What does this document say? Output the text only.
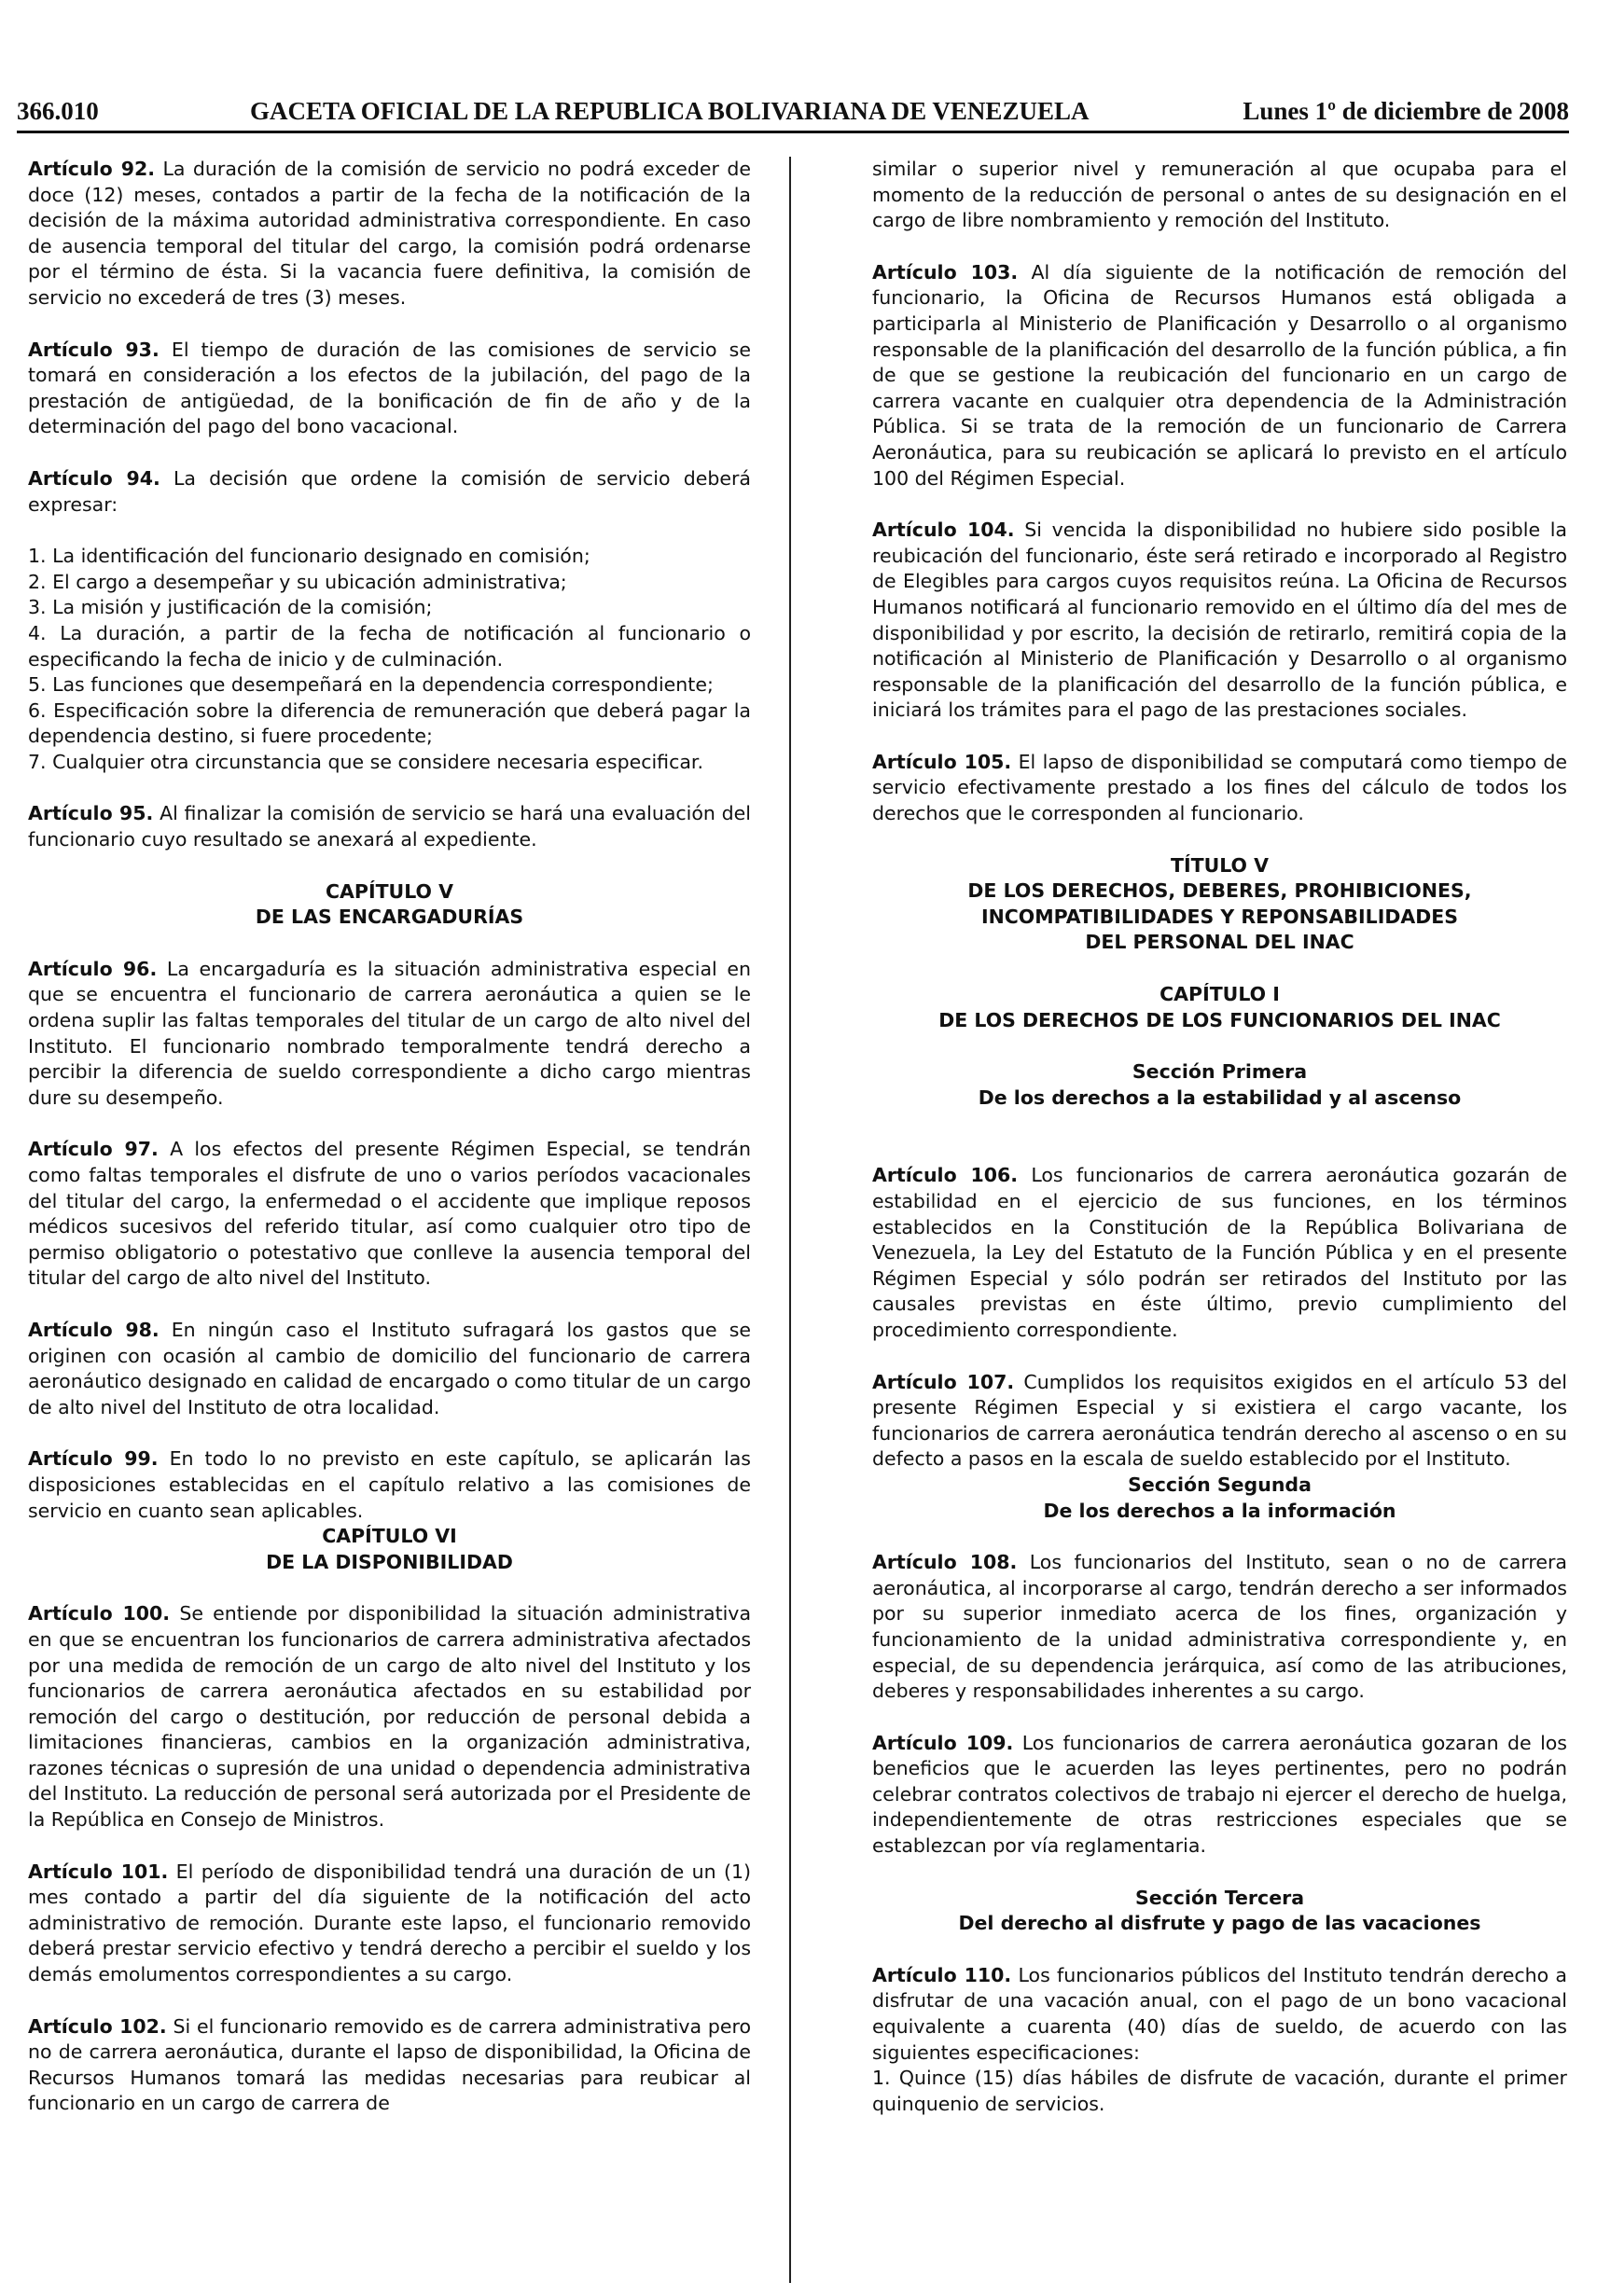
366.010	GACETA OFICIAL DE LA REPUBLICA BOLIVARIANA DE VENEZUELA	Lunes 1º de diciembre de 2008

Artículo 92. La duración de la comisión de servicio no podrá exceder de doce (12) meses, contados a partir de la fecha de la notificación de la decisión de la máxima autoridad administrativa correspondiente. En caso de ausencia temporal del titular del cargo, la comisión podrá ordenarse por el término de ésta. Si la vacancia fuere definitiva, la comisión de servicio no excederá de tres (3) meses.

Artículo 93. El tiempo de duración de las comisiones de servicio se tomará en consideración a los efectos de la jubilación, del pago de la prestación de antigüedad, de la bonificación de fin de año y de la determinación del pago del bono vacacional.

Artículo 94. La decisión que ordene la comisión de servicio deberá expresar:

1. La identificación del funcionario designado en comisión;
2. El cargo a desempeñar y su ubicación administrativa;
3. La misión y justificación de la comisión;
4. La duración, a partir de la fecha de notificación al funcionario o especificando la fecha de inicio y de culminación.
5. Las funciones que desempeñará en la dependencia correspondiente;
6. Especificación sobre la diferencia de remuneración que deberá pagar la dependencia destino, si fuere procedente;
7. Cualquier otra circunstancia que se considere necesaria especificar.

Artículo 95. Al finalizar la comisión de servicio se hará una evaluación del funcionario cuyo resultado se anexará al expediente.

CAPÍTULO V
DE LAS ENCARGADURÍAS

Artículo 96. La encargaduría es la situación administrativa especial en que se encuentra el funcionario de carrera aeronáutica a quien se le ordena suplir las faltas temporales del titular de un cargo de alto nivel del Instituto. El funcionario nombrado temporalmente tendrá derecho a percibir la diferencia de sueldo correspondiente a dicho cargo mientras dure su desempeño.

Artículo 97. A los efectos del presente Régimen Especial, se tendrán como faltas temporales el disfrute de uno o varios períodos vacacionales del titular del cargo, la enfermedad o el accidente que implique reposos médicos sucesivos del referido titular, así como cualquier otro tipo de permiso obligatorio o potestativo que conlleve la ausencia temporal del titular del cargo de alto nivel del Instituto.

Artículo 98. En ningún caso el Instituto sufragará los gastos que se originen con ocasión al cambio de domicilio del funcionario de carrera aeronáutico designado en calidad de encargado o como titular de un cargo de alto nivel del Instituto de otra localidad.

Artículo 99. En todo lo no previsto en este capítulo, se aplicarán las disposiciones establecidas en el capítulo relativo a las comisiones de servicio en cuanto sean aplicables.

CAPÍTULO VI
DE LA DISPONIBILIDAD

Artículo 100. Se entiende por disponibilidad la situación administrativa en que se encuentran los funcionarios de carrera administrativa afectados por una medida de remoción de un cargo de alto nivel del Instituto y los funcionarios de carrera aeronáutica afectados en su estabilidad por remoción del cargo o destitución, por reducción de personal debida a limitaciones financieras, cambios en la organización administrativa, razones técnicas o supresión de una unidad o dependencia administrativa del Instituto. La reducción de personal será autorizada por el Presidente de la República en Consejo de Ministros.

Artículo 101. El período de disponibilidad tendrá una duración de un (1) mes contado a partir del día siguiente de la notificación del acto administrativo de remoción. Durante este lapso, el funcionario removido deberá prestar servicio efectivo y tendrá derecho a percibir el sueldo y los demás emolumentos correspondientes a su cargo.

Artículo 102. Si el funcionario removido es de carrera administrativa pero no de carrera aeronáutica, durante el lapso de disponibilidad, la Oficina de Recursos Humanos tomará las medidas necesarias para reubicar al funcionario en un cargo de carrera de

similar o superior nivel y remuneración al que ocupaba para el momento de la reducción de personal o antes de su designación en el cargo de libre nombramiento y remoción del Instituto.

Artículo 103. Al día siguiente de la notificación de remoción del funcionario, la Oficina de Recursos Humanos está obligada a participarla al Ministerio de Planificación y Desarrollo o al organismo responsable de la planificación del desarrollo de la función pública, a fin de que se gestione la reubicación del funcionario en un cargo de carrera vacante en cualquier otra dependencia de la Administración Pública. Si se trata de la remoción de un funcionario de Carrera Aeronáutica, para su reubicación se aplicará lo previsto en el artículo 100 del Régimen Especial.

Artículo 104. Si vencida la disponibilidad no hubiere sido posible la reubicación del funcionario, éste será retirado e incorporado al Registro de Elegibles para cargos cuyos requisitos reúna. La Oficina de Recursos Humanos notificará al funcionario removido en el último día del mes de disponibilidad y por escrito, la decisión de retirarlo, remitirá copia de la notificación al Ministerio de Planificación y Desarrollo o al organismo responsable de la planificación del desarrollo de la función pública, e iniciará los trámites para el pago de las prestaciones sociales.

Artículo 105. El lapso de disponibilidad se computará como tiempo de servicio efectivamente prestado a los fines del cálculo de todos los derechos que le corresponden al funcionario.

TÍTULO V
DE LOS DERECHOS, DEBERES, PROHIBICIONES,
INCOMPATIBILIDADES Y REPONSABILIDADES
DEL PERSONAL DEL INAC
CAPÍTULO I
DE LOS DERECHOS DE LOS FUNCIONARIOS DEL INAC
Sección Primera
De los derechos a la estabilidad y al ascenso

Artículo 106. Los funcionarios de carrera aeronáutica gozarán de estabilidad en el ejercicio de sus funciones, en los términos establecidos en la Constitución de la República Bolivariana de Venezuela, la Ley del Estatuto de la Función Pública y en el presente Régimen Especial y sólo podrán ser retirados del Instituto por las causales previstas en éste último, previo cumplimiento del procedimiento correspondiente.

Artículo 107. Cumplidos los requisitos exigidos en el artículo 53 del presente Régimen Especial y si existiera el cargo vacante, los funcionarios de carrera aeronáutica tendrán derecho al ascenso o en su defecto a pasos en la escala de sueldo establecido por el Instituto.

Sección Segunda
De los derechos a la información

Artículo 108. Los funcionarios del Instituto, sean o no de carrera aeronáutica, al incorporarse al cargo, tendrán derecho a ser informados por su superior inmediato acerca de los fines, organización y funcionamiento de la unidad administrativa correspondiente y, en especial, de su dependencia jerárquica, así como de las atribuciones, deberes y responsabilidades inherentes a su cargo.

Artículo 109. Los funcionarios de carrera aeronáutica gozaran de los beneficios que le acuerden las leyes pertinentes, pero no podrán celebrar contratos colectivos de trabajo ni ejercer el derecho de huelga, independientemente de otras restricciones especiales que se establezcan por vía reglamentaria.

Sección Tercera
Del derecho al disfrute y pago de las vacaciones

Artículo 110. Los funcionarios públicos del Instituto tendrán derecho a disfrutar de una vacación anual, con el pago de un bono vacacional equivalente a cuarenta (40) días de sueldo, de acuerdo con las siguientes especificaciones:

1. Quince (15) días hábiles de disfrute de vacación, durante el primer quinquenio de servicios.
